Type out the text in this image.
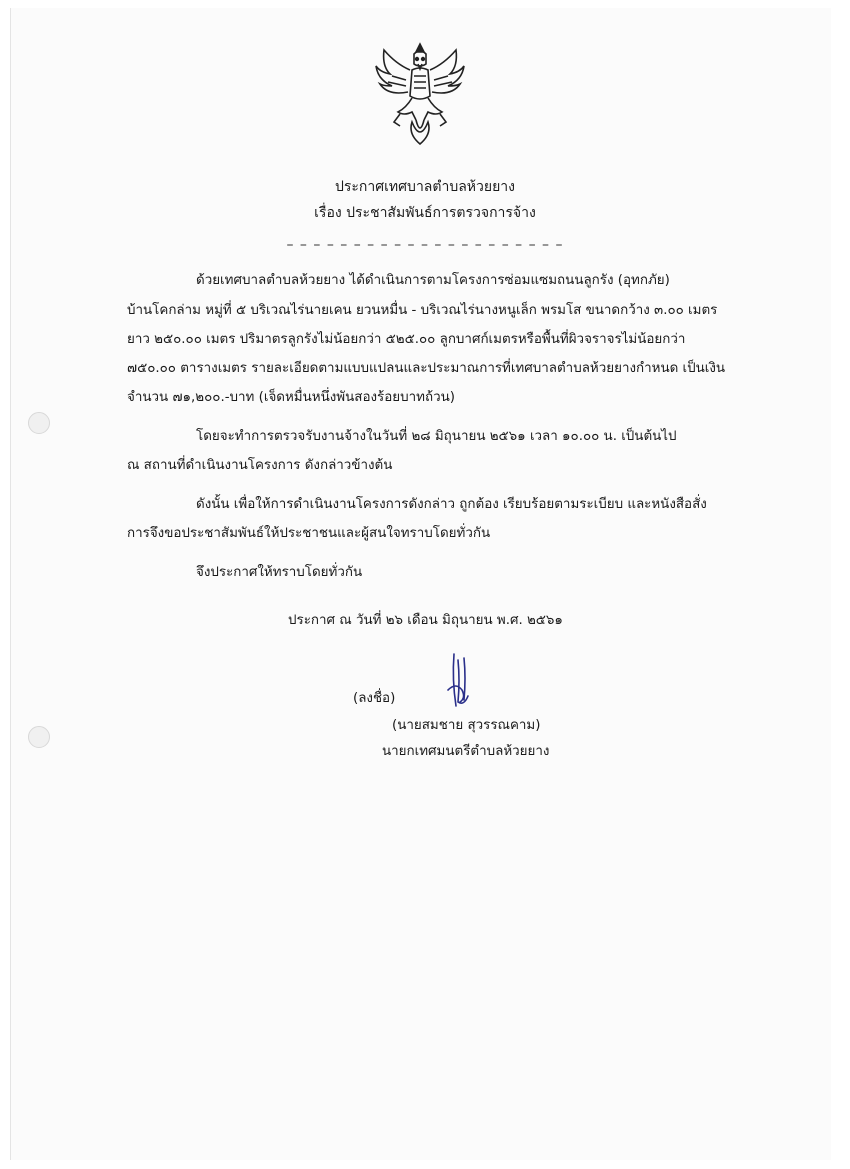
ประกาศเทศบาลตำบลห้วยยาง
เรื่อง ประชาสัมพันธ์การตรวจการจ้าง
– – – – – – – – – – – – – – – – – – – – –
ด้วยเทศบาลตำบลห้วยยาง ได้ดำเนินการตามโครงการซ่อมแซมถนนลูกรัง (อุทกภัย)
บ้านโคกล่าม หมู่ที่ ๕ บริเวณไร่นายเคน ยวนหมื่น - บริเวณไร่นางหนูเล็ก พรมโส ขนาดกว้าง ๓.๐๐ เมตร
ยาว ๒๕๐.๐๐ เมตร ปริมาตรลูกรังไม่น้อยกว่า ๕๒๕.๐๐ ลูกบาศก์เมตรหรือพื้นที่ผิวจราจรไม่น้อยกว่า
๗๕๐.๐๐ ตารางเมตร รายละเอียดตามแบบแปลนและประมาณการที่เทศบาลตำบลห้วยยางกำหนด เป็นเงิน
จำนวน ๗๑,๒๐๐.-บาท (เจ็ดหมื่นหนึ่งพันสองร้อยบาทถ้วน)
โดยจะทำการตรวจรับงานจ้างในวันที่ ๒๘ มิถุนายน ๒๕๖๑ เวลา ๑๐.๐๐ น. เป็นต้นไป
ณ สถานที่ดำเนินงานโครงการ ดังกล่าวข้างต้น
ดังนั้น เพื่อให้การดำเนินงานโครงการดังกล่าว ถูกต้อง เรียบร้อยตามระเบียบ และหนังสือสั่ง
การจึงขอประชาสัมพันธ์ให้ประชาชนและผู้สนใจทราบโดยทั่วกัน
จึงประกาศให้ทราบโดยทั่วกัน
ประกาศ ณ วันที่ ๒๖ เดือน มิถุนายน พ.ศ. ๒๕๖๑
(ลงชื่อ)
(นายสมชาย สุวรรณคาม)
นายกเทศมนตรีตำบลห้วยยาง
